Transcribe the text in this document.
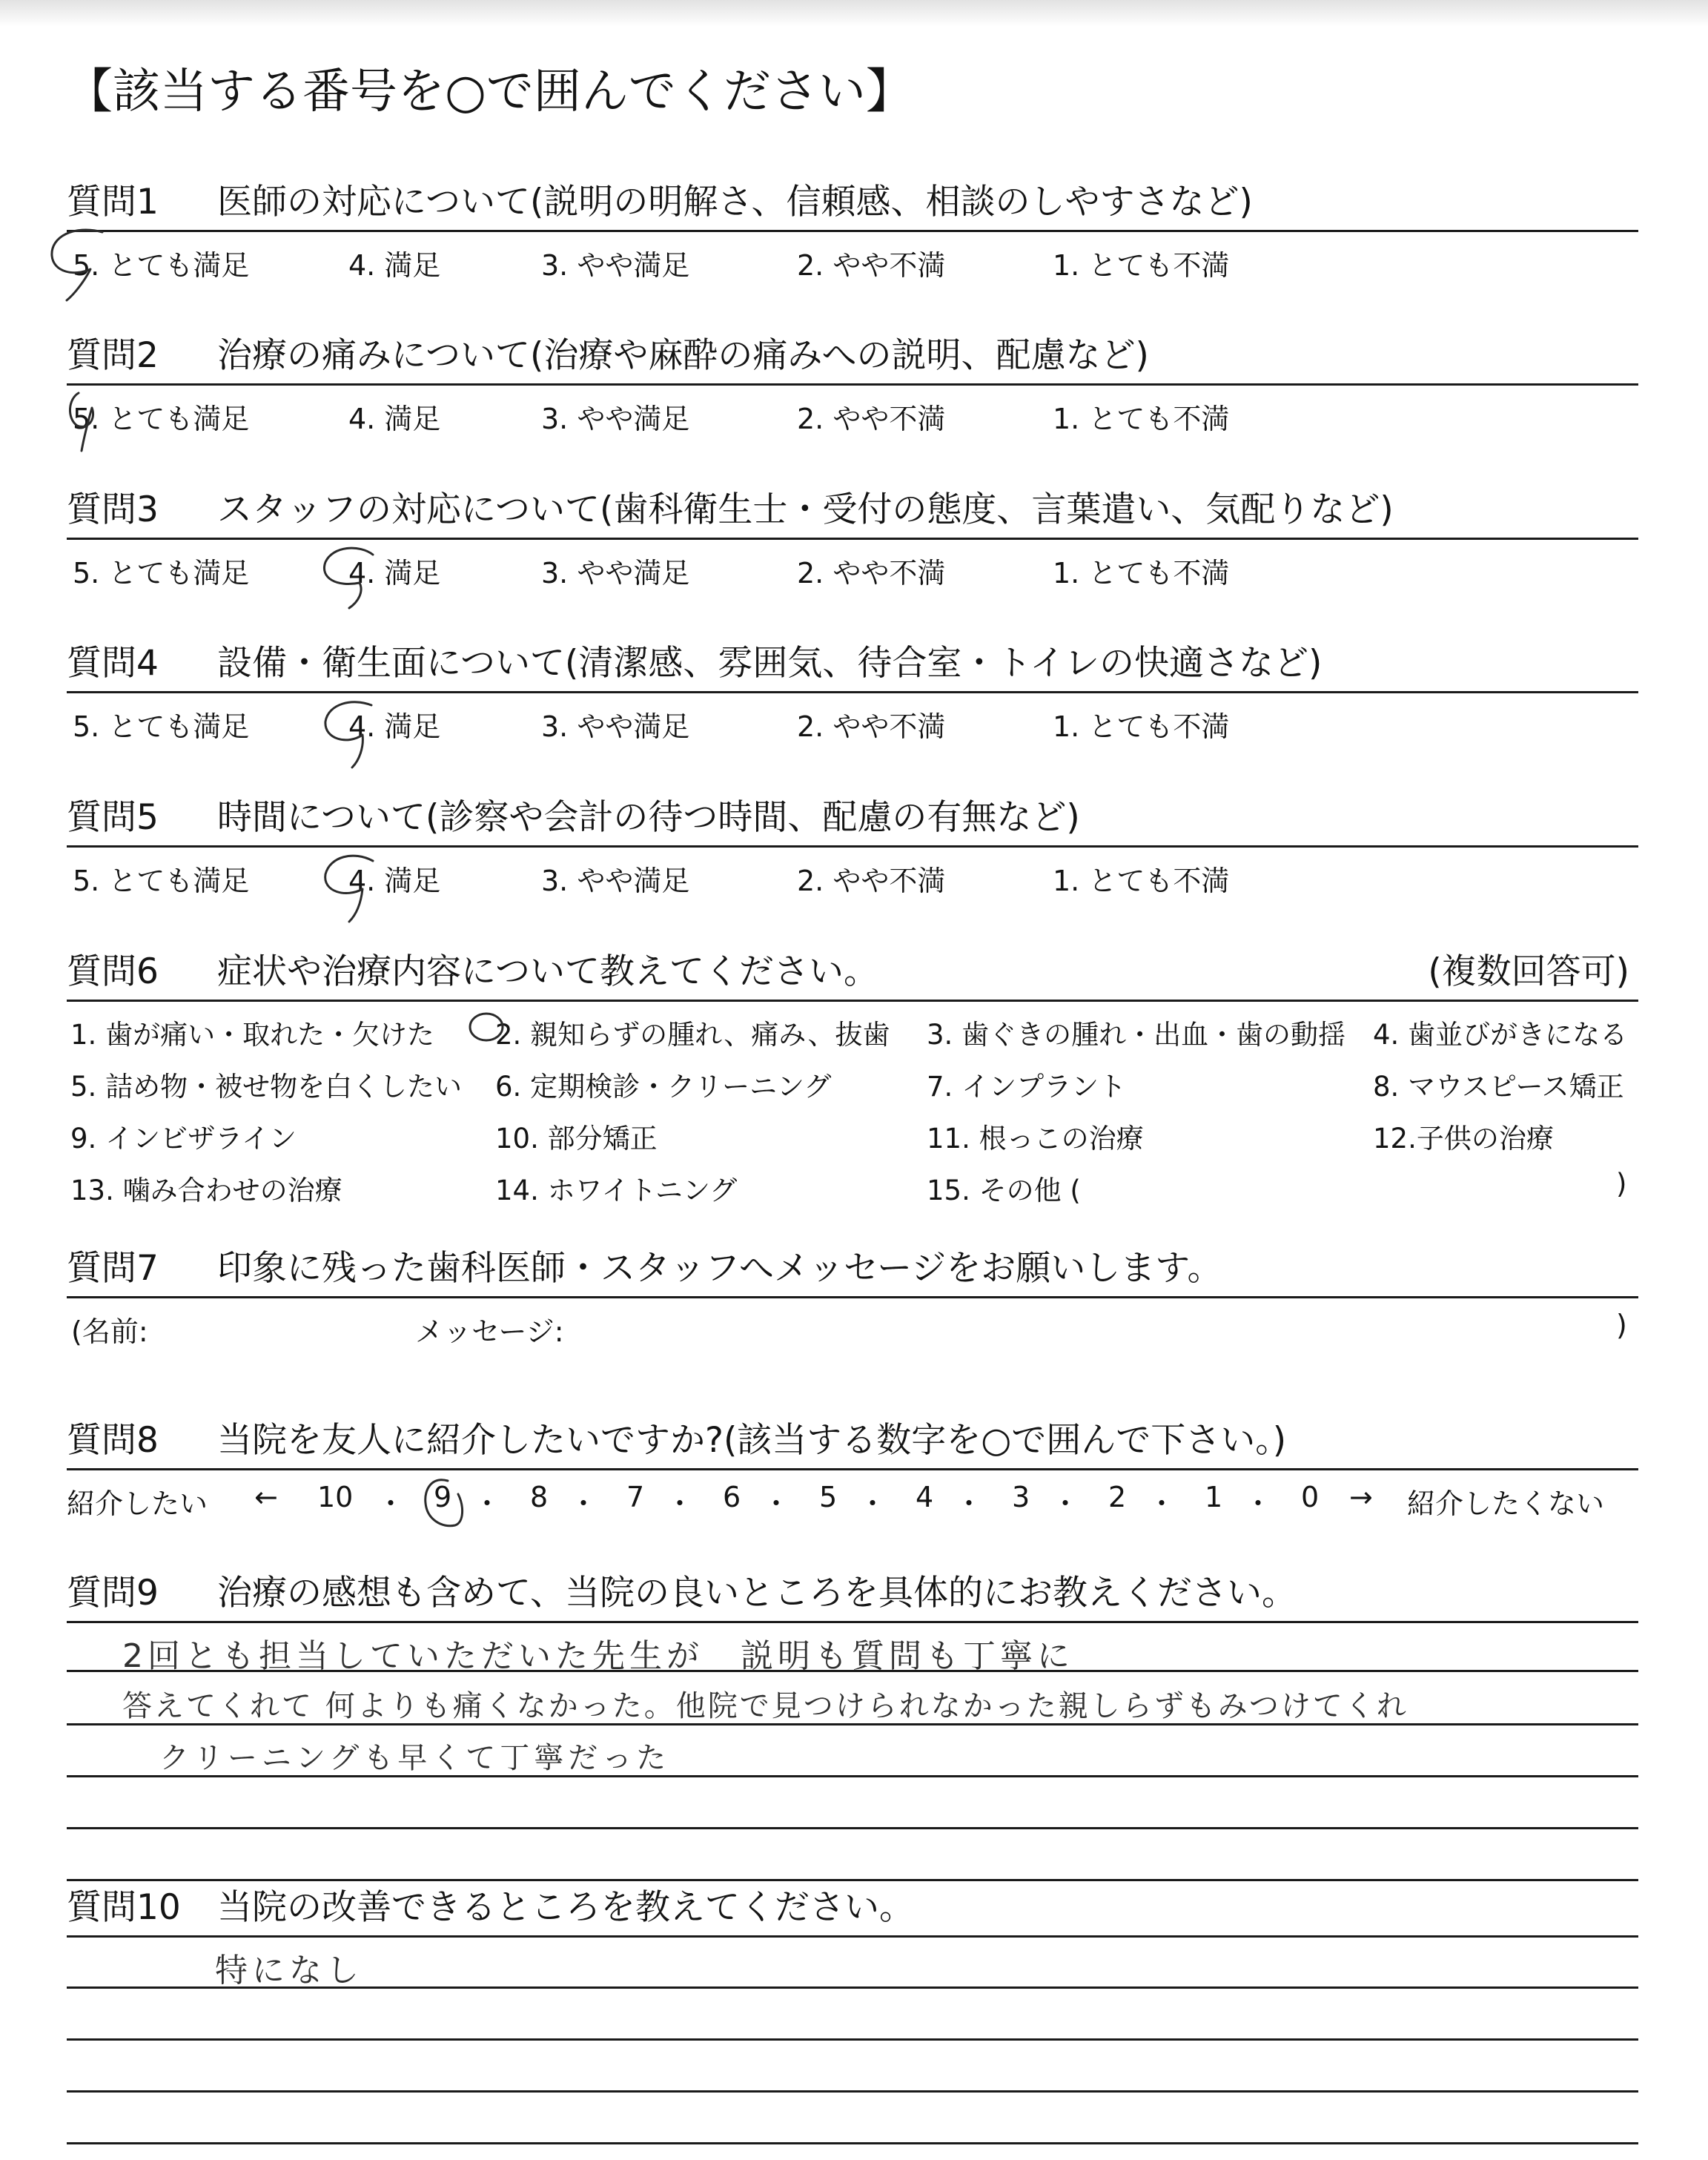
【該当する番号を○で囲んでください】
質問1 医師の対応について(説明の明解さ、信頼感、相談のしやすさなど)
5. とても満足	4. 満足	3. やや満足	2. やや不満	1. とても不満
質問2 治療の痛みについて(治療や麻酔の痛みへの説明、配慮など)
5. とても満足	4. 満足	3. やや満足	2. やや不満	1. とても不満
質問3 スタッフの対応について(歯科衛生士・受付の態度、言葉遣い、気配りなど)
5. とても満足	4. 満足	3. やや満足	2. やや不満	1. とても不満
質問4 設備・衛生面について(清潔感、雰囲気、待合室・トイレの快適さなど)
5. とても満足	4. 満足	3. やや満足	2. やや不満	1. とても不満
質問5 時間について(診察や会計の待つ時間、配慮の有無など)
5. とても満足	4. 満足	3. やや満足	2. やや不満	1. とても不満
質問6 症状や治療内容について教えてください。	(複数回答可)
1. 歯が痛い・取れた・欠けた 2. 親知らずの腫れ、痛み、抜歯 3. 歯ぐきの腫れ・出血・歯の動揺 4. 歯並びがきになる
5. 詰め物・被せ物を白くしたい 6. 定期検診・クリーニング	7. インプラント	8. マウスピース矯正
9. インビザライン	10. 部分矯正	11. 根っこの治療	12.子供の治療
13. 噛み合わせの治療	14. ホワイトニング	15. その他 (	)
質問7 印象に残った歯科医師・スタッフへメッセージをお願いします。
(名前:	メッセージ:	)
質問8 当院を友人に紹介したいですか?(該当する数字を○で囲んで下さい。)
紹介したい ← 10 ・ 9 ・ 8 ・ 7 ・ 6 ・ 5 ・ 4 ・ 3 ・ 2 ・ 1 ・ 0 → 紹介したくない
質問9 治療の感想も含めて、当院の良いところを具体的にお教えください。
2回とも担当していただいた先生が　説明も質問も丁寧に
答えてくれて 何よりも痛くなかった。他院で見つけられなかった親しらずもみつけてくれ
クリーニングも早くて丁寧だった
質問10 当院の改善できるところを教えてください。
特になし
